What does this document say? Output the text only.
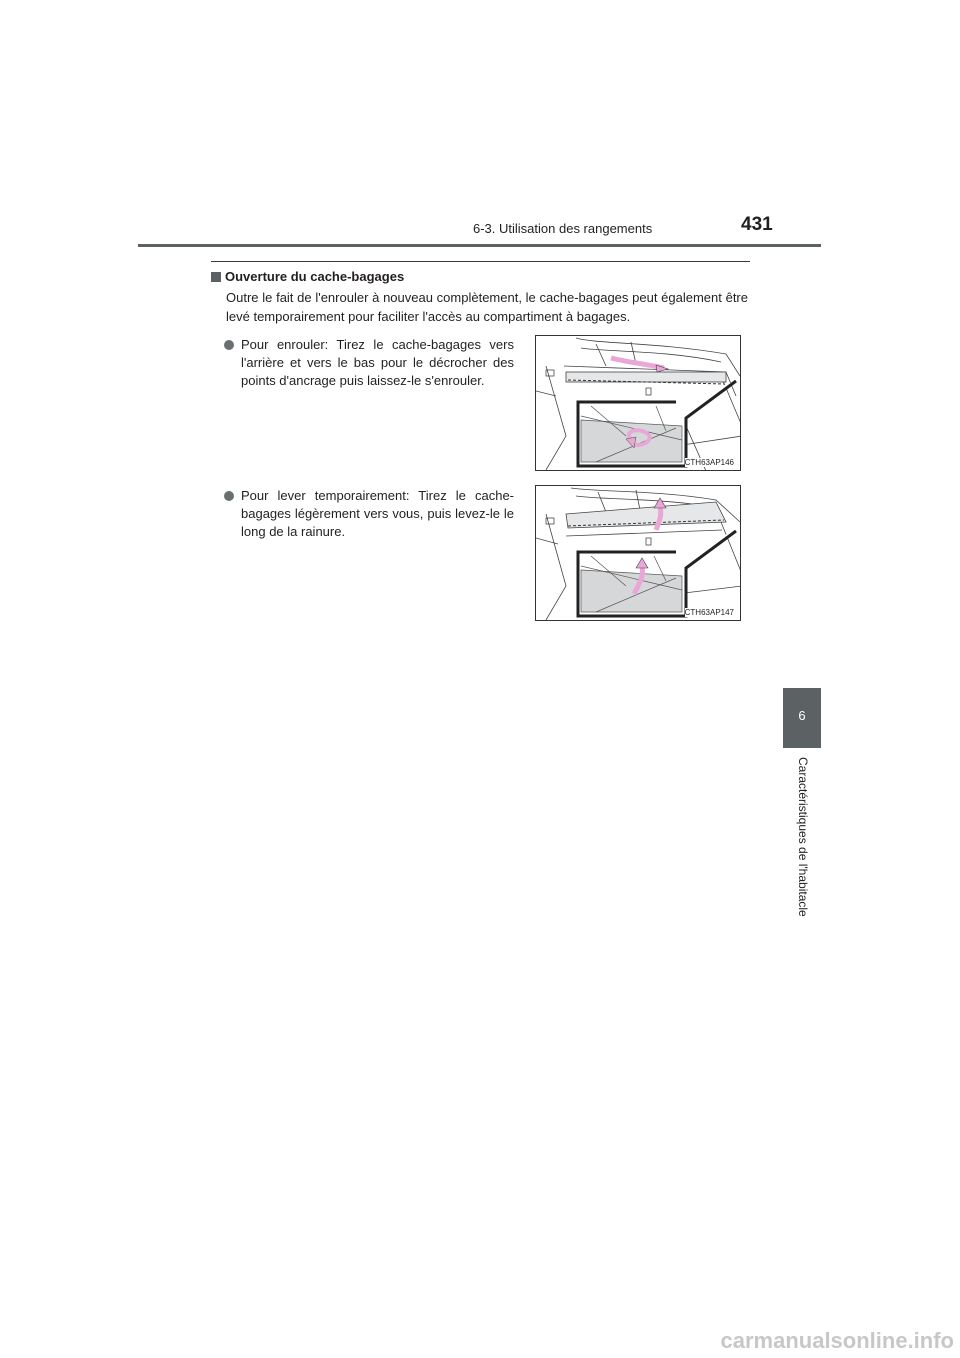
6-3. Utilisation des rangements	431
Ouverture du cache-bagages
Outre le fait de l'enrouler à nouveau complètement, le cache-bagages peut également être levé temporairement pour faciliter l'accès au compartiment à bagages.
Pour enrouler: Tirez le cache-bagages vers l'arrière et vers le bas pour le décrocher des points d'ancrage puis laissez-le s'enrouler.
CTH63AP146
Pour lever temporairement: Tirez le cache-bagages légèrement vers vous, puis levez-le le long de la rainure.
CTH63AP147
6
Caractéristiques de l'habitacle
carmanualsonline.info
